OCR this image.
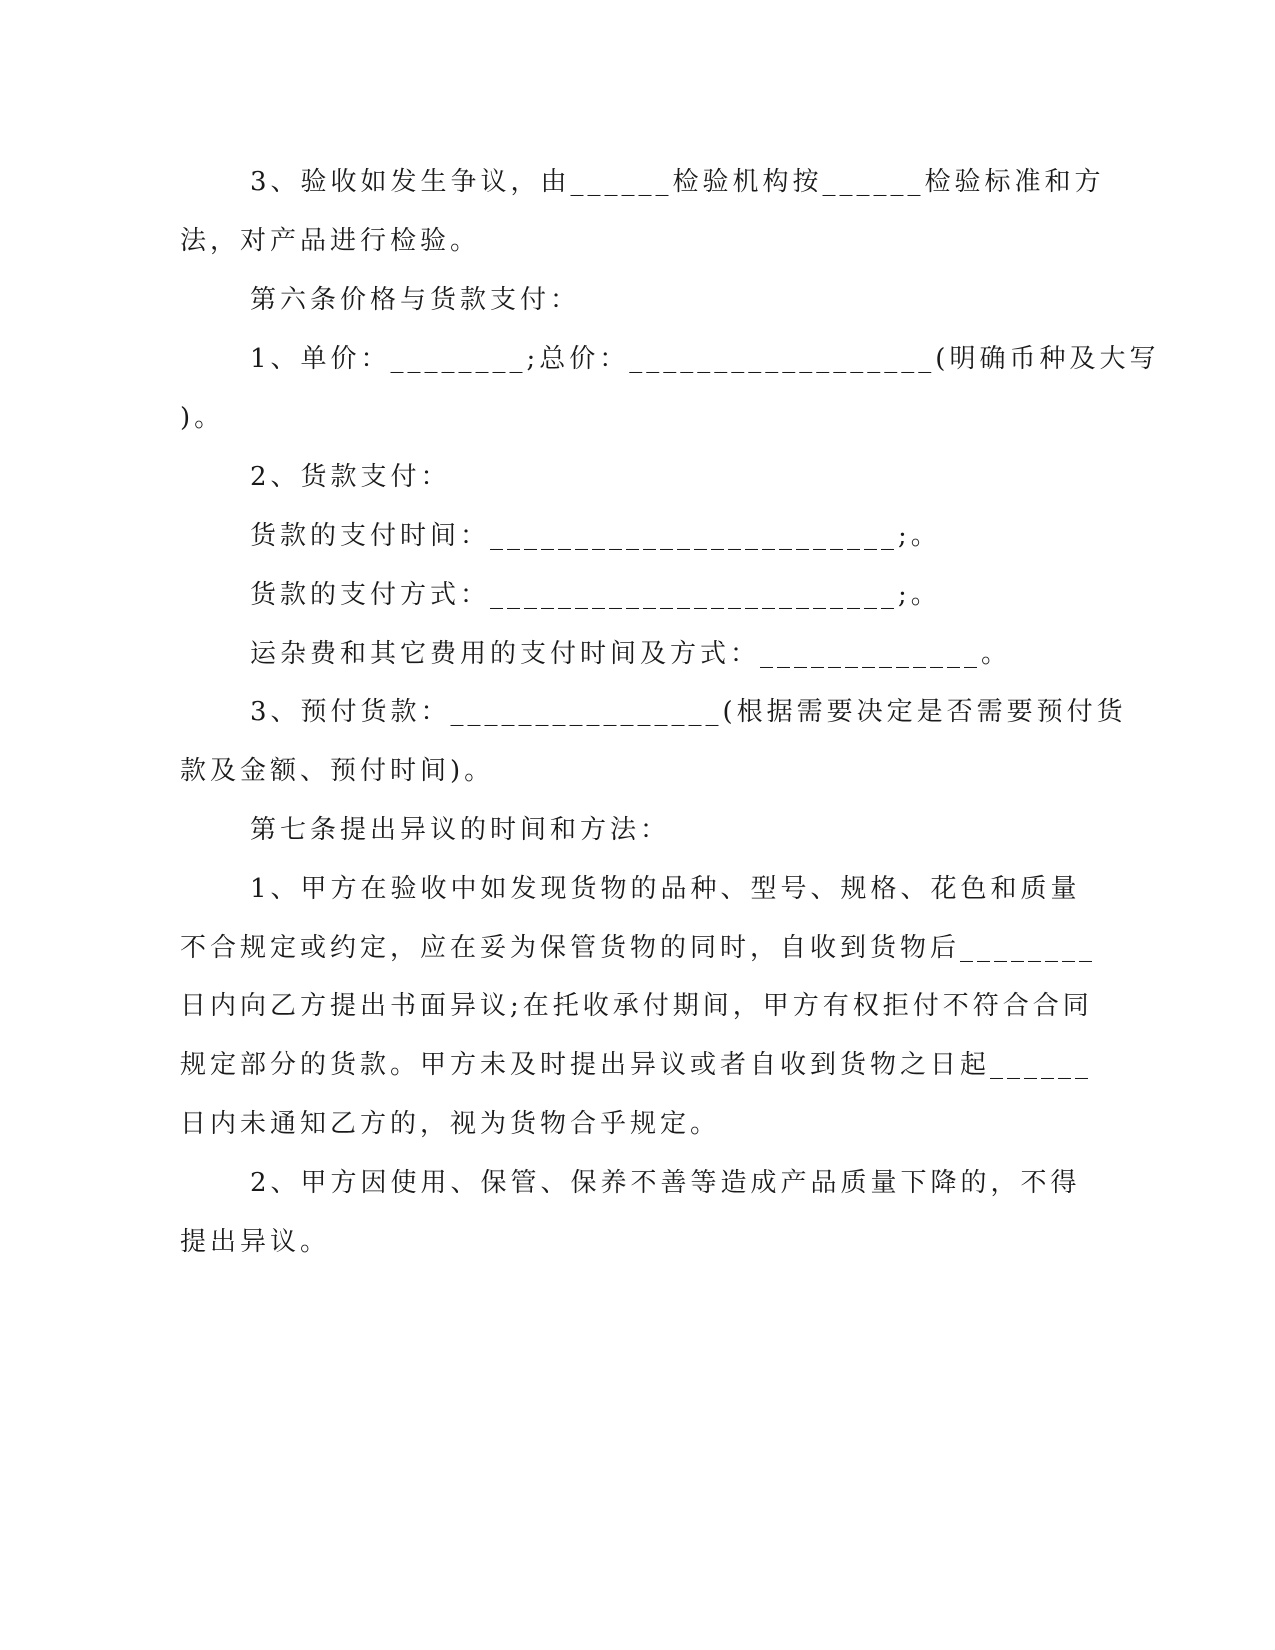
3、验收如发生争议，由______检验机构按______检验标准和方
法，对产品进行检验。
第六条价格与货款支付：
1、单价：________;总价：__________________(明确币种及大写
)。
2、货款支付：
货款的支付时间：________________________;。
货款的支付方式：________________________;。
运杂费和其它费用的支付时间及方式：_____________。
3、预付货款：________________(根据需要决定是否需要预付货
款及金额、预付时间)。
第七条提出异议的时间和方法：
1、甲方在验收中如发现货物的品种、型号、规格、花色和质量
不合规定或约定，应在妥为保管货物的同时，自收到货物后________
日内向乙方提出书面异议;在托收承付期间，甲方有权拒付不符合合同
规定部分的货款。甲方未及时提出异议或者自收到货物之日起______
日内未通知乙方的，视为货物合乎规定。
2、甲方因使用、保管、保养不善等造成产品质量下降的，不得
提出异议。
